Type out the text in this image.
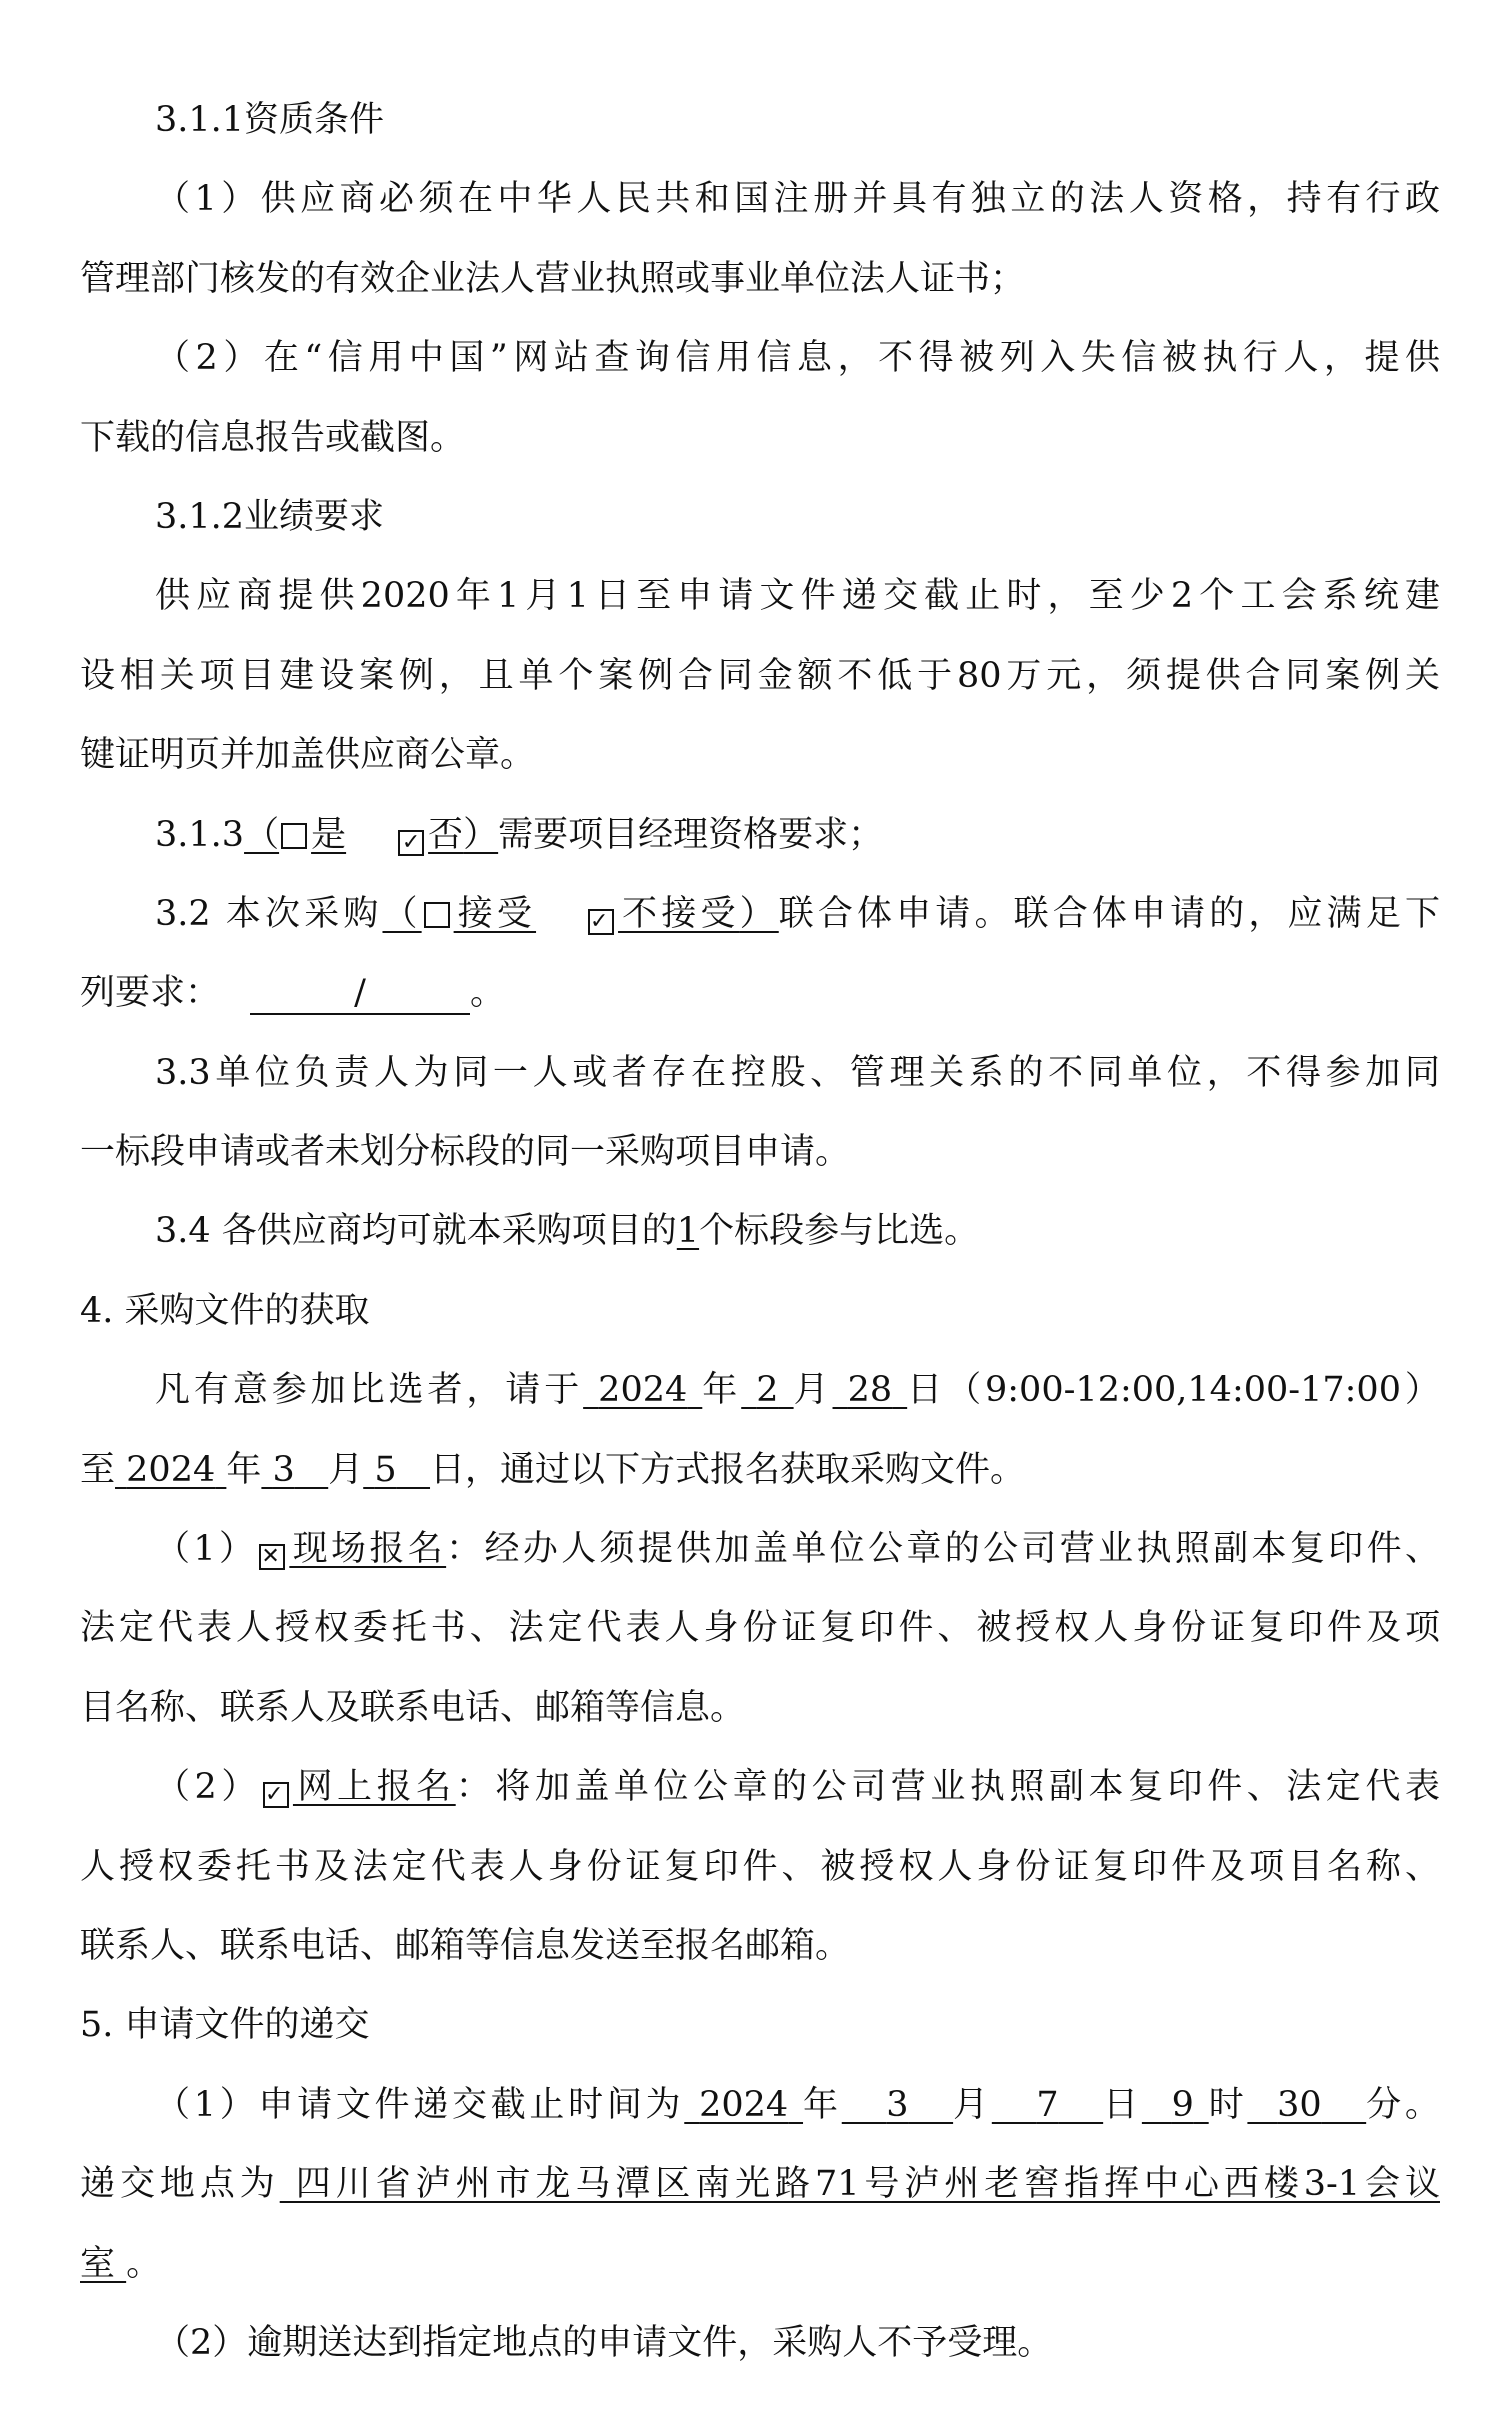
3.1.1资质条件
（1）供应商必须在中华人民共和国注册并具有独立的法人资格，持有行政
管理部门核发的有效企业法人营业执照或事业单位法人证书；
（2）在“信用中国”网站查询信用信息，不得被列入失信被执行人，提供
下载的信息报告或截图。
3.1.2业绩要求
供应商提供2020年1月1日至申请文件递交截止时，至少2个工会系统建
设相关项目建设案例，且单个案例合同金额不低于80万元，须提供合同案例关
键证明页并加盖供应商公章。
3.1.3（ 是	✓ 否）需要项目经理资格要求；
3.2 本次采购（ 接受 ✓ 不接受）联合体申请。联合体申请的，应满足下
列要求：	/	。
3.3单位负责人为同一人或者存在控股、管理关系的不同单位，不得参加同
一标段申请或者未划分标段的同一采购项目申请。
3.4 各供应商均可就本采购项目的1个标段参与比选。
4. 采购文件的获取
凡有意参加比选者，请于 2024 年 2 月 28 日（9:00-12:00,14:00-17:00）
至 2024 年 3 月 5 日，通过以下方式报名获取采购文件。
（1） ✕ 现场报名：经办人须提供加盖单位公章的公司营业执照副本复印件、
法定代表人授权委托书、法定代表人身份证复印件、被授权人身份证复印件及项
目名称、联系人及联系电话、邮箱等信息。
（2） ✓ 网上报名：将加盖单位公章的公司营业执照副本复印件、法定代表
人授权委托书及法定代表人身份证复印件、被授权人身份证复印件及项目名称、
联系人、联系电话、邮箱等信息发送至报名邮箱。
5. 申请文件的递交
（1）申请文件递交截止时间为 2024 年 3 月 7 日 9 时 30 分。
递交地点为 四川省泸州市龙马潭区南光路71号泸州老窖指挥中心西楼3-1会议
室 。
（2）逾期送达到指定地点的申请文件，采购人不予受理。
